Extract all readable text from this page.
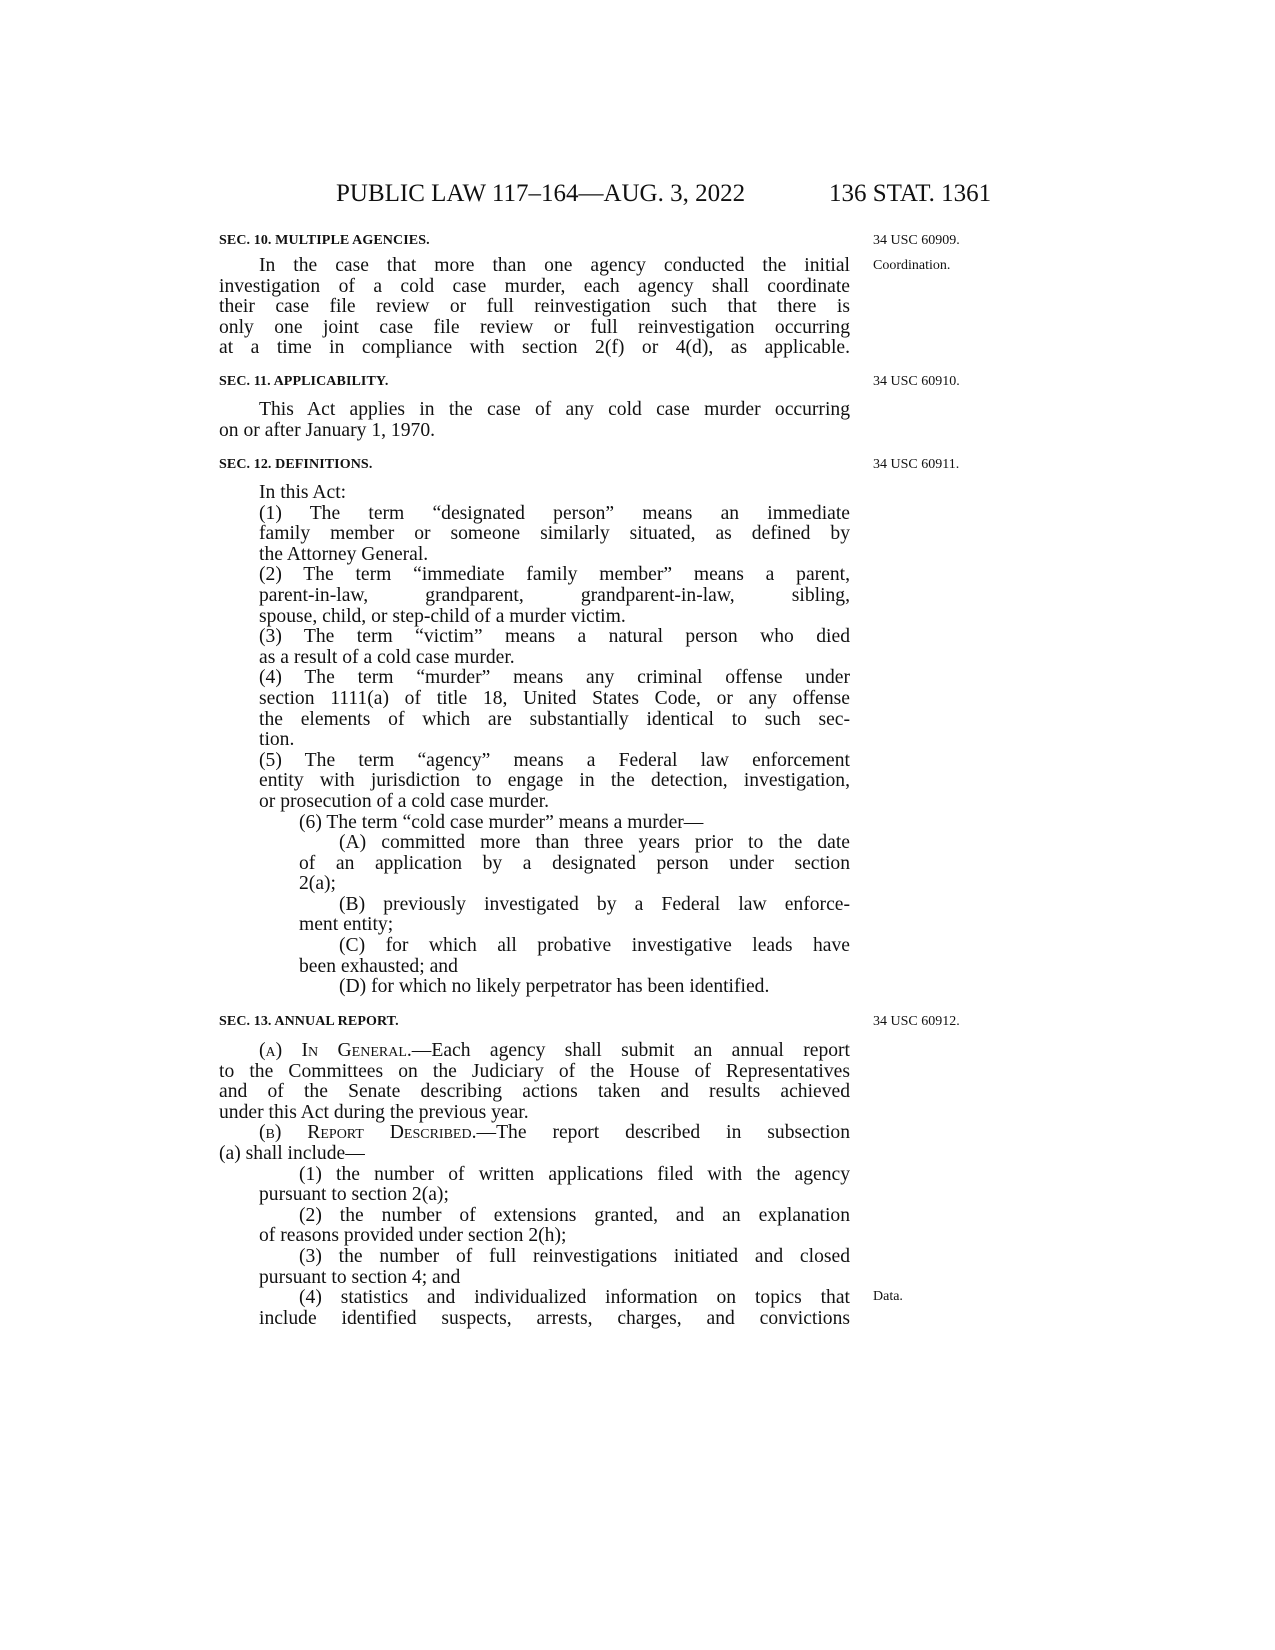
PUBLIC LAW 117–164—AUG. 3, 2022	136 STAT. 1361
SEC. 10. MULTIPLE AGENCIES.	34 USC 60909.
Coordination.
In the case that more than one agency conducted the initial
investigation of a cold case murder, each agency shall coordinate
their case file review or full reinvestigation such that there is
only one joint case file review or full reinvestigation occurring
at a time in compliance with section 2(f) or 4(d), as applicable.
SEC. 11. APPLICABILITY.	34 USC 60910.
This Act applies in the case of any cold case murder occurring
on or after January 1, 1970.
SEC. 12. DEFINITIONS.	34 USC 60911.
In this Act:
(1) The term “designated person” means an immediate
family member or someone similarly situated, as defined by
the Attorney General.
(2) The term “immediate family member” means a parent,
parent-in-law, grandparent, grandparent-in-law, sibling,
spouse, child, or step-child of a murder victim.
(3) The term “victim” means a natural person who died
as a result of a cold case murder.
(4) The term “murder” means any criminal offense under
section 1111(a) of title 18, United States Code, or any offense
the elements of which are substantially identical to such sec-
tion.
(5) The term “agency” means a Federal law enforcement
entity with jurisdiction to engage in the detection, investigation,
or prosecution of a cold case murder.
(6) The term “cold case murder” means a murder—
(A) committed more than three years prior to the date
of an application by a designated person under section
2(a);
(B) previously investigated by a Federal law enforce-
ment entity;
(C) for which all probative investigative leads have
been exhausted; and
(D) for which no likely perpetrator has been identified.
SEC. 13. ANNUAL REPORT.	34 USC 60912.
Data.
(a) In General.—Each agency shall submit an annual report
to the Committees on the Judiciary of the House of Representatives
and of the Senate describing actions taken and results achieved
under this Act during the previous year.
(b) Report Described.—The report described in subsection
(a) shall include—
(1) the number of written applications filed with the agency
pursuant to section 2(a);
(2) the number of extensions granted, and an explanation
of reasons provided under section 2(h);
(3) the number of full reinvestigations initiated and closed
pursuant to section 4; and
(4) statistics and individualized information on topics that
include identified suspects, arrests, charges, and convictions
